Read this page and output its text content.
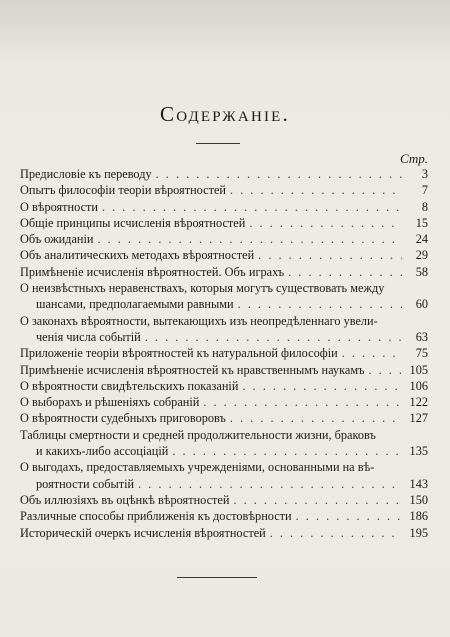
Содержаніе.
Стр.
Предисловіе къ переводу . . .	3
Опытъ философіи теоріи вѣроятностей . . .	7
О вѣроятности . . .	8
Общіе принципы исчисленія вѣроятностей . . .	15
Объ ожиданіи . . .	24
Объ аналитическихъ методахъ вѣроятностей . . .	29
Примѣненіе исчисленія вѣроятностей. Объ играхъ . . .	58
О неизвѣстныхъ неравенствахъ, которыя могутъ существовать между
шансами, предполагаемыми равными . . .	60
О законахъ вѣроятности, вытекающихъ изъ неопредѣленнаго увели-
ченія числа событій . . .	63
Приложеніе теоріи вѣроятностей къ натуральной философіи . . .	75
Примѣненіе исчисленія вѣроятностей къ нравственнымъ наукамъ . . .	105
О вѣроятности свидѣтельскихъ показаній . . .	106
О выборахъ и рѣшеніяхъ собраній . . .	122
О вѣроятности судебныхъ приговоровъ . . .	127
Таблицы смертности и средней продолжительности жизни, браковъ
и какихъ-либо ассоціацій . . .	135
О выгодахъ, предоставляемыхъ учрежденіями, основанными на вѣ-
роятности событій . . .	143
Объ иллюзіяхъ въ оцѣнкѣ вѣроятностей . . .	150
Различные способы приближенія къ достовѣрности . . .	186
Историческій очеркъ исчисленія вѣроятностей . . .	195
